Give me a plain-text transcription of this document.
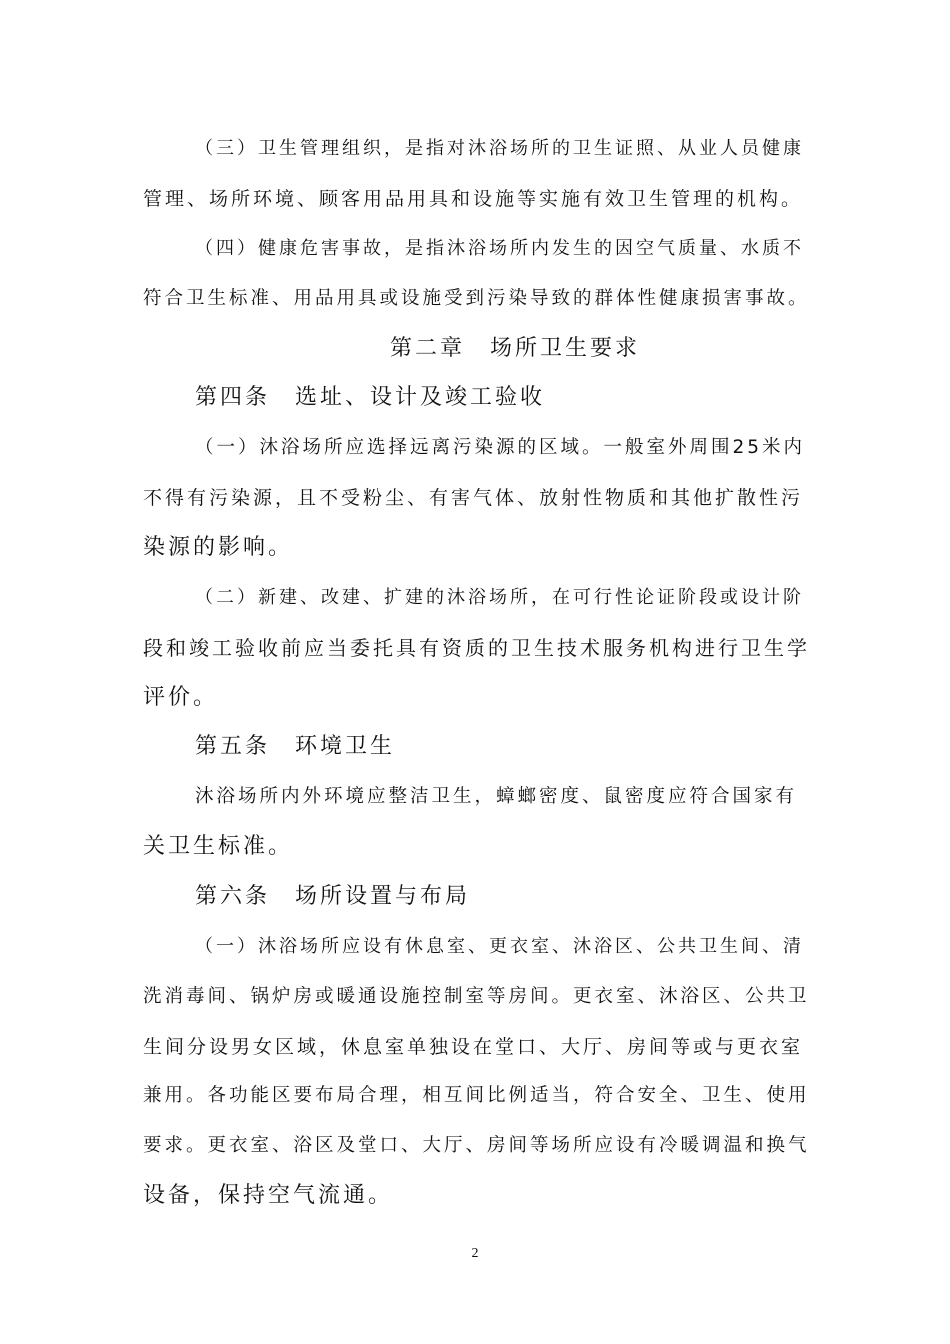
（三）卫生管理组织，是指对沐浴场所的卫生证照、从业人员健康
管理、场所环境、顾客用品用具和设施等实施有效卫生管理的机构。
（四）健康危害事故，是指沐浴场所内发生的因空气质量、水质不
符合卫生标准、用品用具或设施受到污染导致的群体性健康损害事故。
第二章　场所卫生要求
第四条　选址、设计及竣工验收
（一）沐浴场所应选择远离污染源的区域。一般室外周围25米内
不得有污染源，且不受粉尘、有害气体、放射性物质和其他扩散性污
染源的影响。
（二）新建、改建、扩建的沐浴场所，在可行性论证阶段或设计阶
段和竣工验收前应当委托具有资质的卫生技术服务机构进行卫生学
评价。
第五条　环境卫生
沐浴场所内外环境应整洁卫生，蟑螂密度、鼠密度应符合国家有
关卫生标准。
第六条　场所设置与布局
（一）沐浴场所应设有休息室、更衣室、沐浴区、公共卫生间、清
洗消毒间、锅炉房或暖通设施控制室等房间。更衣室、沐浴区、公共卫
生间分设男女区域，休息室单独设在堂口、大厅、房间等或与更衣室
兼用。各功能区要布局合理，相互间比例适当，符合安全、卫生、使用
要求。更衣室、浴区及堂口、大厅、房间等场所应设有冷暖调温和换气
设备，保持空气流通。
2
